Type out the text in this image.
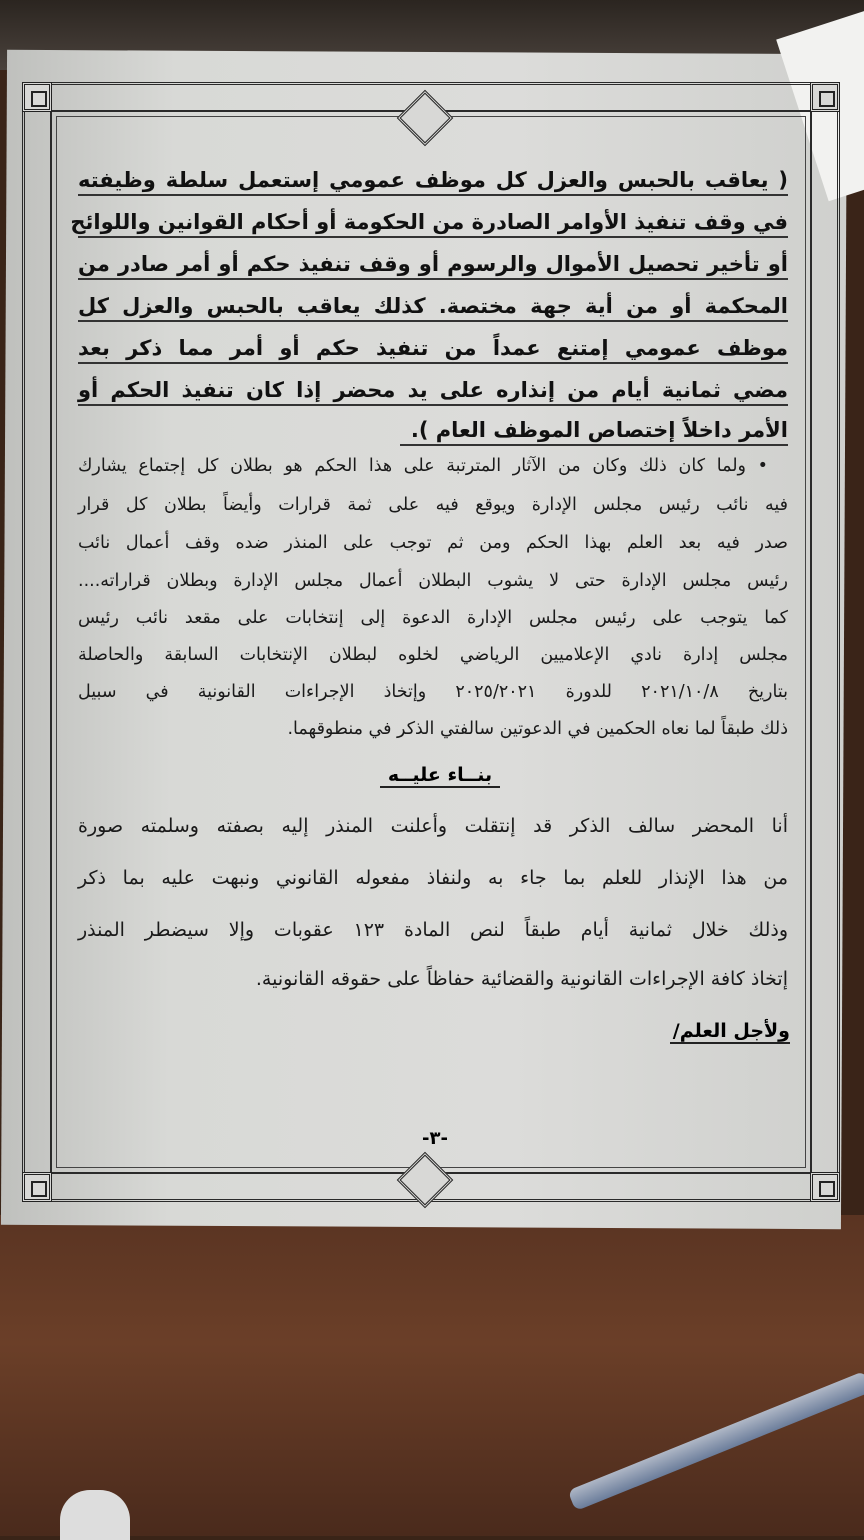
( يعاقب بالحبس والعزل كل موظف عمومي إستعمل سلطة وظيفته
في وقف تنفيذ الأوامر الصادرة من الحكومة أو أحكام القوانين واللوائح
أو تأخير تحصيل الأموال والرسوم أو وقف تنفيذ حكم أو أمر صادر من
المحكمة أو من أية جهة مختصة. كذلك يعاقب بالحبس والعزل كل
موظف عمومي إمتنع عمداً من تنفيذ حكم أو أمر مما ذكر بعد
مضي ثمانية أيام من إنذاره على يد محضر إذا كان تنفيذ الحكم أو
الأمر داخلاً إختصاص الموظف العام ).
• ولما كان ذلك وكان من الآثار المترتبة على هذا الحكم هو بطلان كل إجتماع يشارك
فيه نائب رئيس مجلس الإدارة ويوقع فيه على ثمة قرارات وأيضاً بطلان كل قرار
صدر فيه بعد العلم بهذا الحكم ومن ثم توجب على المنذر ضده وقف أعمال نائب
رئيس مجلس الإدارة حتى لا يشوب البطلان أعمال مجلس الإدارة وبطلان قراراته....
كما يتوجب على رئيس مجلس الإدارة الدعوة إلى إنتخابات على مقعد نائب رئيس
مجلس إدارة نادي الإعلاميين الرياضي لخلوه لبطلان الإنتخابات السابقة والحاصلة
بتاريخ ٢٠٢١/١٠/٨ للدورة ٢٠٢٥/٢٠٢١ وإتخاذ الإجراءات القانونية في سبيل
ذلك طبقاً لما نعاه الحكمين في الدعوتين سالفتي الذكر في منطوقهما.
بنــاء عليــه
أنا المحضر سالف الذكر قد إنتقلت وأعلنت المنذر إليه بصفته وسلمته صورة
من هذا الإنذار للعلم بما جاء به ولنفاذ مفعوله القانوني ونبهت عليه بما ذكر
وذلك خلال ثمانية أيام طبقاً لنص المادة ١٢٣ عقوبات وإلا سيضطر المنذر
إتخاذ كافة الإجراءات القانونية والقضائية حفاظاً على حقوقه القانونية.
ولأجل العلم/
-٣-
